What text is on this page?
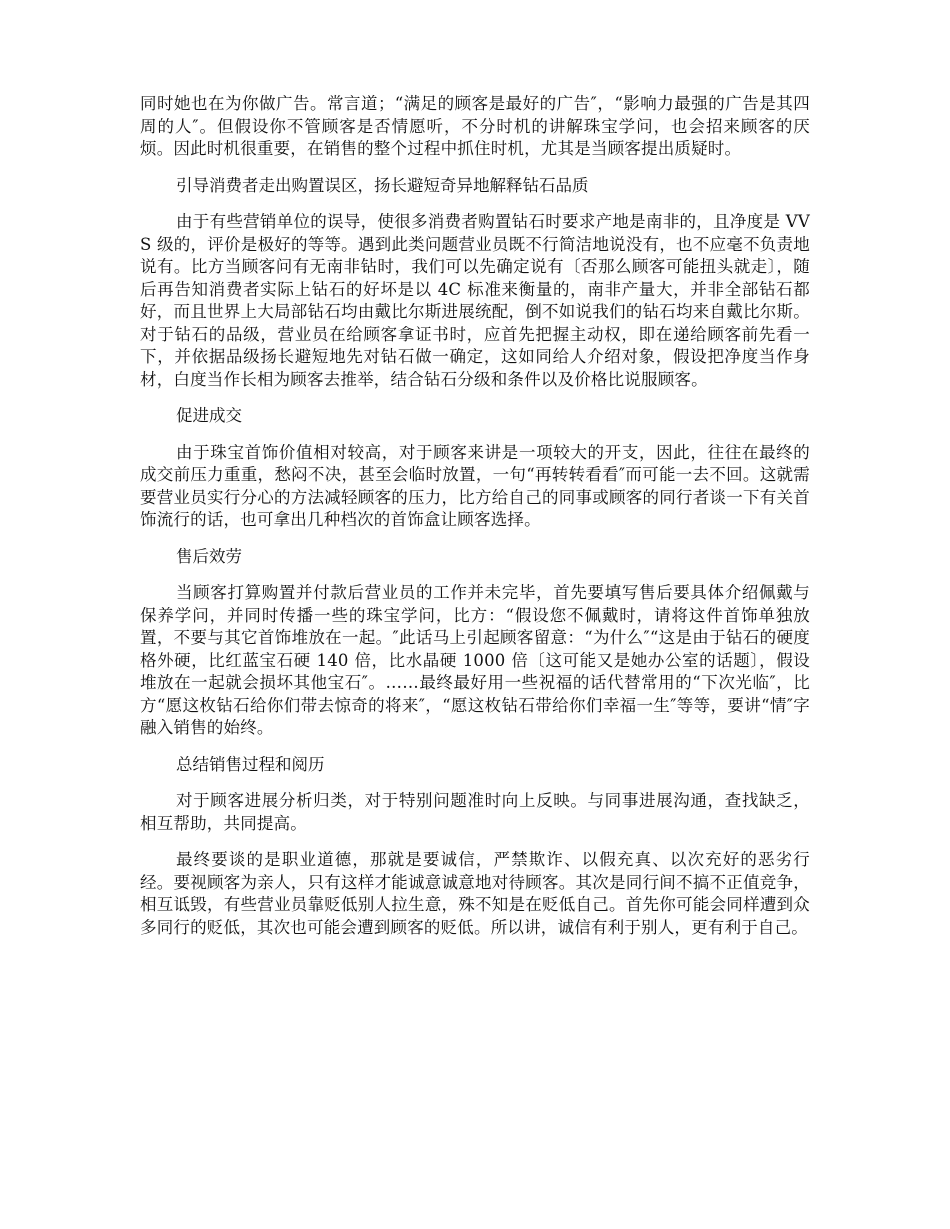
同时她也在为你做广告。常言道；“满足的顾客是最好的广告″，“影响力最强的广告是其四周的人″。但假设你不管顾客是否情愿听，不分时机的讲解珠宝学问，也会招来顾客的厌烦。因此时机很重要，在销售的整个过程中抓住时机，尤其是当顾客提出质疑时。

引导消费者走出购置误区，扬长避短奇异地解释钻石品质

由于有些营销单位的误导，使很多消费者购置钻石时要求产地是南非的，且净度是 VVS 级的，评价是极好的等等。遇到此类问题营业员既不行简洁地说没有，也不应毫不负责地说有。比方当顾客问有无南非钻时，我们可以先确定说有〔否那么顾客可能扭头就走〕，随后再告知消费者实际上钻石的好坏是以 4C 标准来衡量的，南非产量大，并非全部钻石都好，而且世界上大局部钻石均由戴比尔斯进展统配，倒不如说我们的钻石均来自戴比尔斯。对于钻石的品级，营业员在给顾客拿证书时，应首先把握主动权，即在递给顾客前先看一下，并依据品级扬长避短地先对钻石做一确定，这如同给人介绍对象，假设把净度当作身材，白度当作长相为顾客去推举，结合钻石分级和条件以及价格比说服顾客。

促进成交

由于珠宝首饰价值相对较高，对于顾客来讲是一项较大的开支，因此，往往在最终的成交前压力重重，愁闷不决，甚至会临时放置，一句“再转转看看″而可能一去不回。这就需要营业员实行分心的方法减轻顾客的压力，比方给自己的同事或顾客的同行者谈一下有关首饰流行的话，也可拿出几种档次的首饰盒让顾客选择。

售后效劳

当顾客打算购置并付款后营业员的工作并未完毕，首先要填写售后要具体介绍佩戴与保养学问，并同时传播一些的珠宝学问，比方：“假设您不佩戴时，请将这件首饰单独放置，不要与其它首饰堆放在一起。″此话马上引起顾客留意：“为什么″“这是由于钻石的硬度格外硬，比红蓝宝石硬 140 倍，比水晶硬 1000 倍〔这可能又是她办公室的话题〕，假设堆放在一起就会损坏其他宝石″。……最终最好用一些祝福的话代替常用的“下次光临″，比方“愿这枚钻石给你们带去惊奇的将来″，“愿这枚钻石带给你们幸福一生″等等，要讲“情″字融入销售的始终。

总结销售过程和阅历

对于顾客进展分析归类，对于特别问题准时向上反映。与同事进展沟通，查找缺乏，相互帮助，共同提高。

最终要谈的是职业道德，那就是要诚信，严禁欺诈、以假充真、以次充好的恶劣行经。要视顾客为亲人，只有这样才能诚意诚意地对待顾客。其次是同行间不搞不正值竞争，相互诋毁，有些营业员靠贬低别人拉生意，殊不知是在贬低自己。首先你可能会同样遭到众多同行的贬低，其次也可能会遭到顾客的贬低。所以讲，诚信有利于别人，更有利于自己。
